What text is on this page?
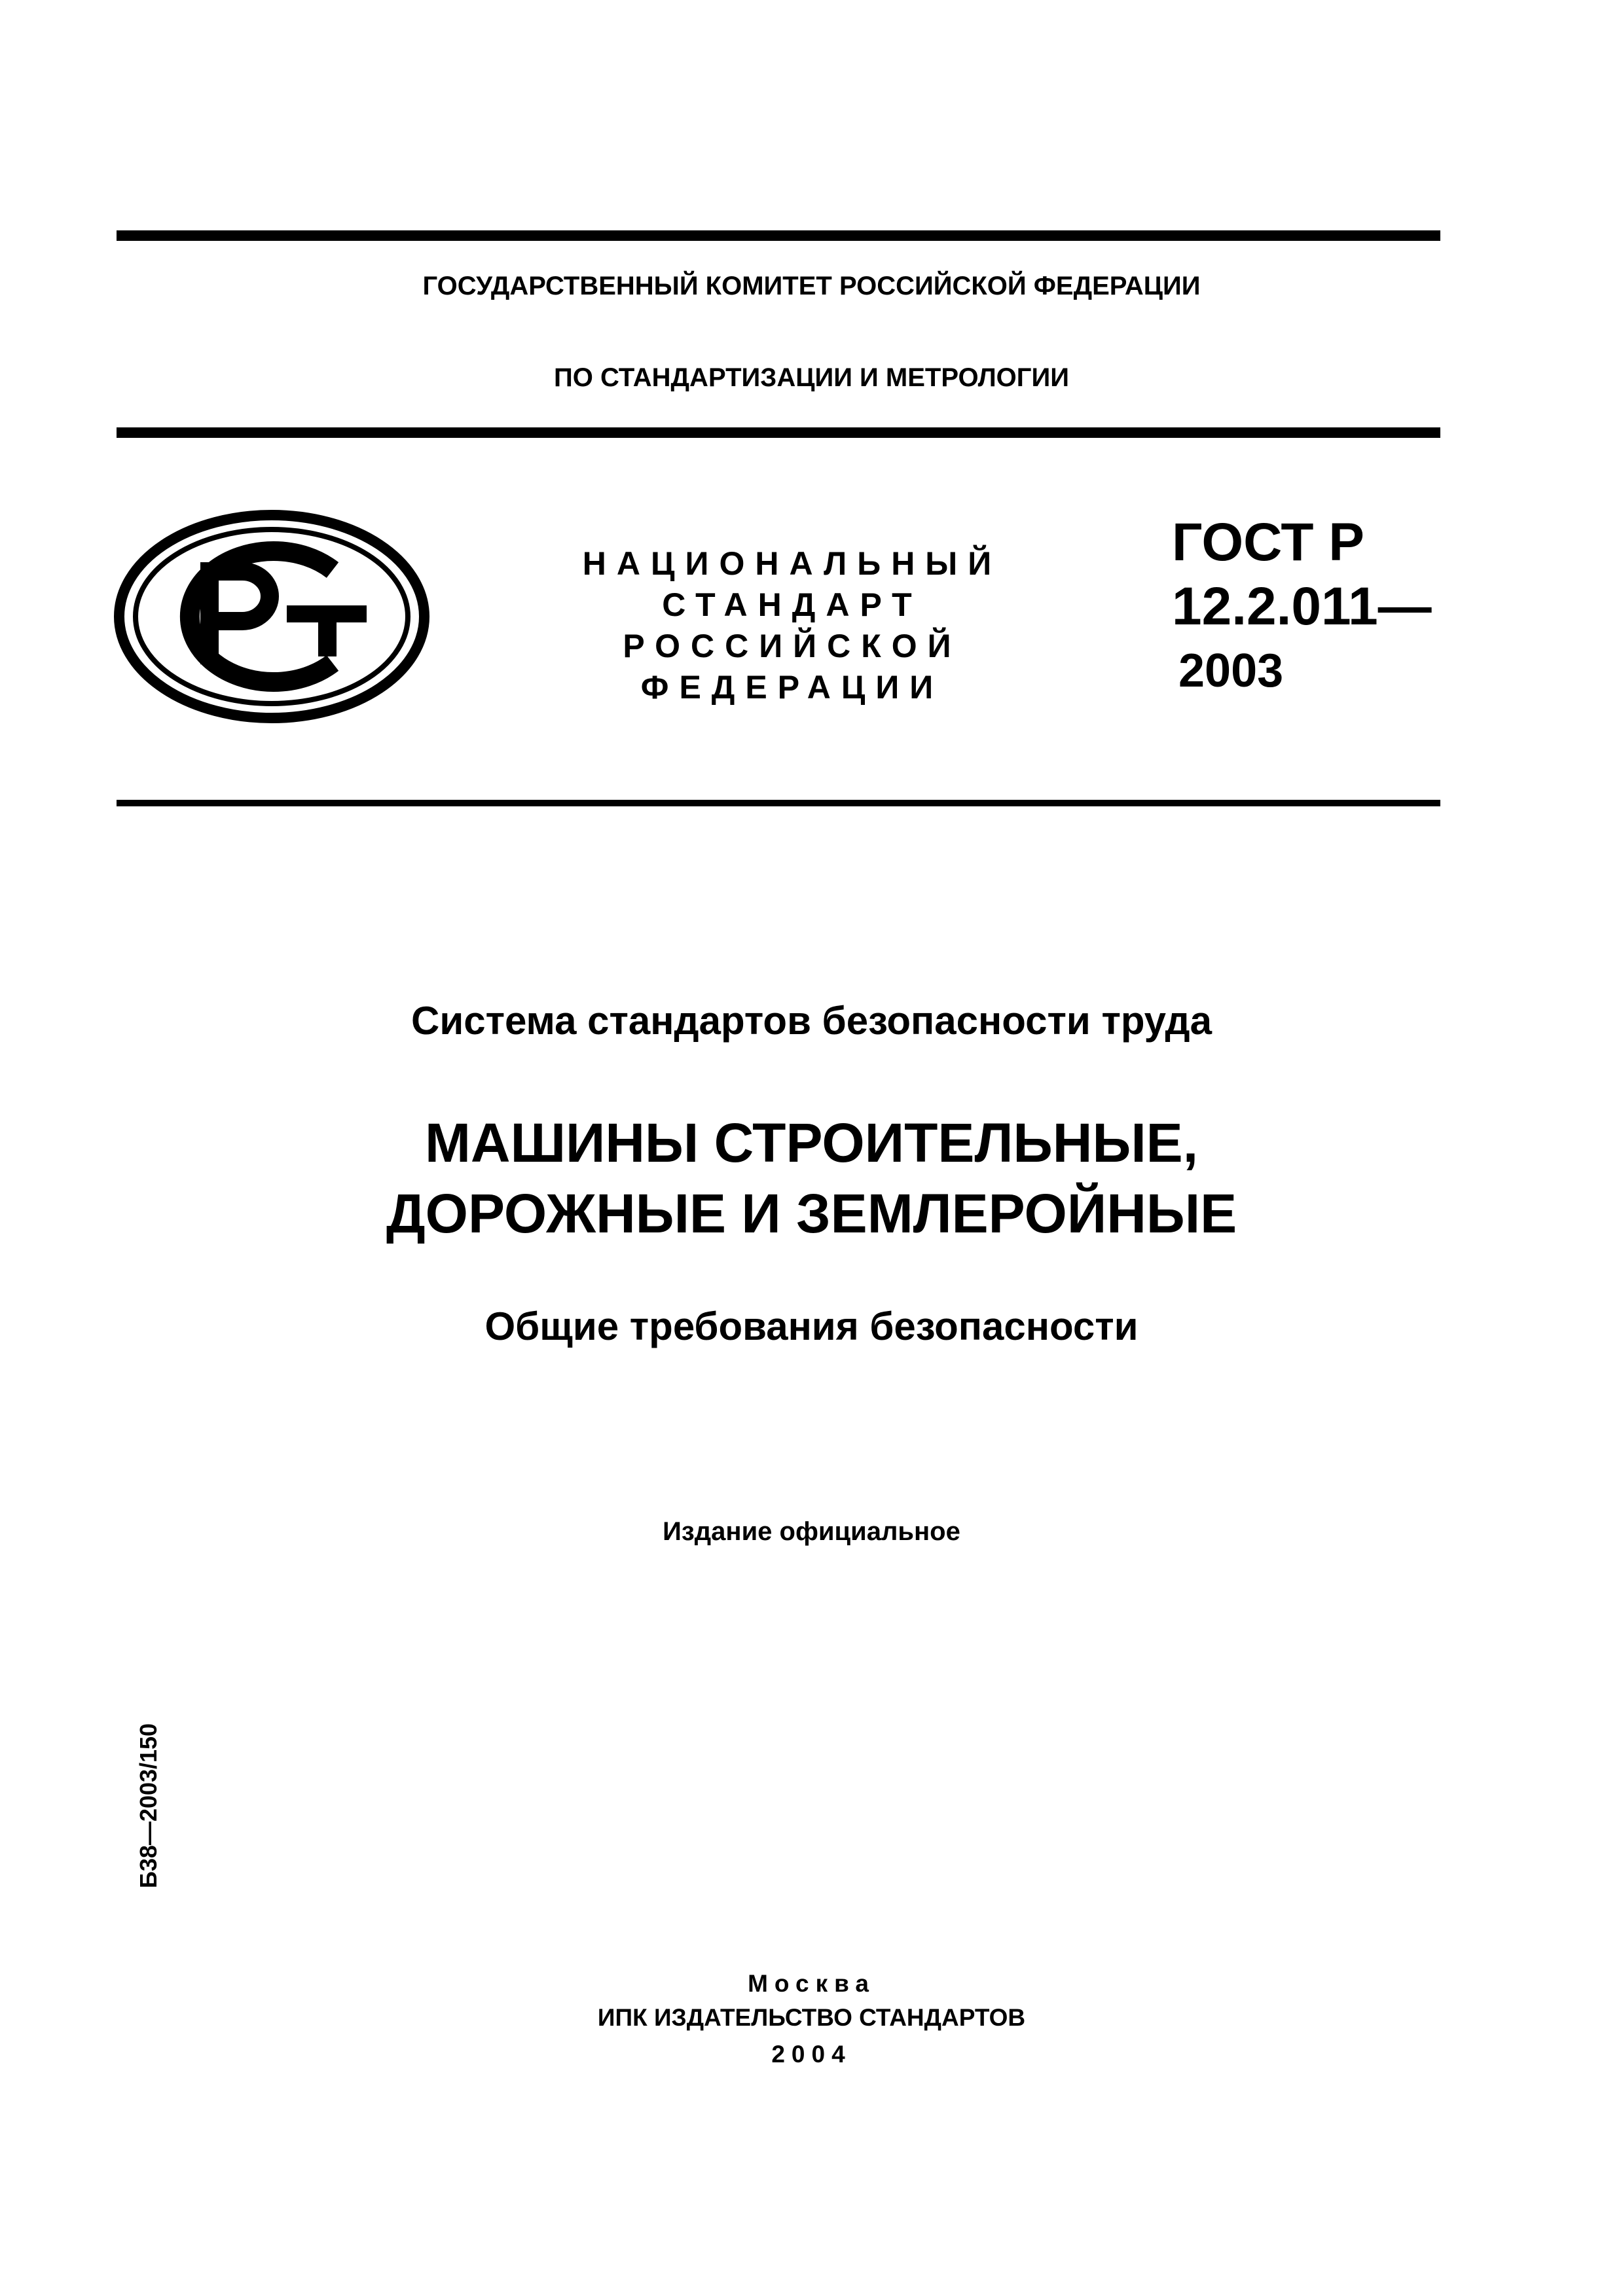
ГОСУДАРСТВЕННЫЙ КОМИТЕТ РОССИЙСКОЙ ФЕДЕРАЦИИ
ПО СТАНДАРТИЗАЦИИ И МЕТРОЛОГИИ
НАЦИОНАЛЬНЫЙ
СТАНДАРТ
РОССИЙСКОЙ
ФЕДЕРАЦИИ
ГОСТ Р
12.2.011—
2003
Система стандартов безопасности труда
МАШИНЫ СТРОИТЕЛЬНЫЕ,
ДОРОЖНЫЕ И ЗЕМЛЕРОЙНЫЕ
Общие требования безопасности
Издание официальное
Б38—2003/150
Москва
ИПК ИЗДАТЕЛЬСТВО СТАНДАРТОВ
2004
